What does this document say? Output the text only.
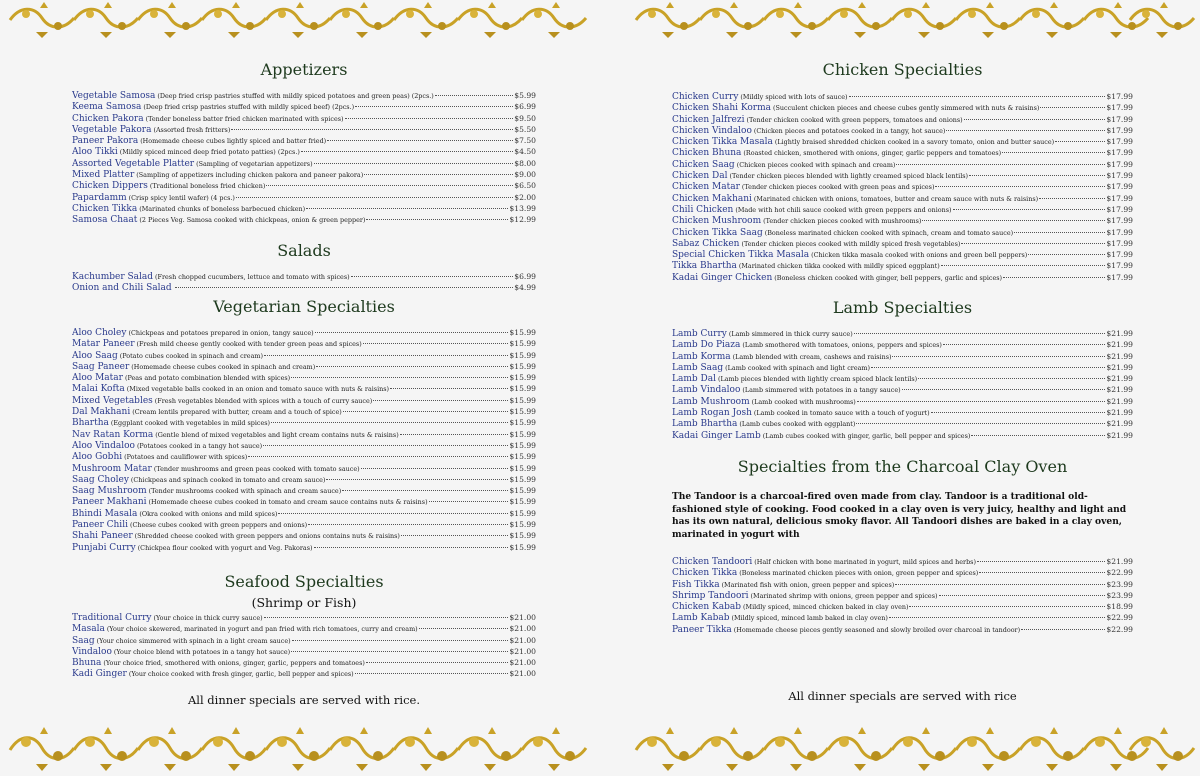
Appetizers
Vegetable Samosa (Deep fried crisp pastries stuffed with mildly spiced potatoes and green peas) (2pcs.)	$5.99
Keema Samosa (Deep fried crisp pastries stuffed with mildly spiced beef) (2pcs.)	$6.99
Chicken Pakora (Tender boneless batter fried chicken marinated with spices)	$9.50
Vegetable Pakora (Assorted fresh fritters)	$5.50
Paneer Pakora (Homemade cheese cubes lightly spiced and batter fried)	$7.50
Aloo Tikki (Mildly spiced minced deep fried potato patties) (2pcs.)	$4.50
Assorted Vegetable Platter (Sampling of vegetarian appetizers)	$8.00
Mixed Platter (Sampling of appetizers including chicken pakora and paneer pakora)	$9.00
Chicken Dippers (Traditional boneless fried chicken)	$6.50
Papardamm (Crisp spicy lentil wafer) (4 pcs.)	$2.00
Chicken Tikka (Marinated chunks of boneless barbecued chicken)	$13.99
Samosa Chaat (2 Pieces Veg. Samosa cooked with chickpeas, onion & green pepper)	$12.99
Salads
Kachumber Salad (Fresh chopped cucumbers, lettuce and tomato with spices)	$6.99
Onion and Chili Salad	$4.99
Vegetarian Specialties
Aloo Choley (Chickpeas and potatoes prepared in onion, tangy sauce)	$15.99
Matar Paneer (Fresh mild cheese gently cooked with tender green peas and spices)	$15.99
Aloo Saag (Potato cubes cooked in spinach and cream)	$15.99
Saag Paneer (Homemade cheese cubes cooked in spinach and cream)	$15.99
Aloo Matar (Peas and potato combination blended with spices)	$15.99
Malai Kofta (Mixed vegetable balls cooked in an onion and tomato sauce with nuts & raisins)	$15.99
Mixed Vegetables (Fresh vegetables blended with spices with a touch of curry sauce)	$15.99
Dal Makhani (Cream lentils prepared with butter, cream and a touch of spice)	$15.99
Bhartha (Eggplant cooked with vegetables in mild spices)	$15.99
Nav Ratan Korma (Gentle blend of mixed vegetables and light cream contains nuts & raisins)	$15.99
Aloo Vindaloo (Potatoes cooked in a tangy hot sauce)	$15.99
Aloo Gobhi (Potatoes and cauliflower with spices)	$15.99
Mushroom Matar (Tender mushrooms and green peas cooked with tomato sauce)	$15.99
Saag Choley (Chickpeas and spinach cooked in tomato and cream sauce)	$15.99
Saag Mushroom (Tender mushrooms cooked with spinach and cream sauce)	$15.99
Paneer Makhani (Homemade cheese cubes cooked in tomato and cream sauce contains nuts & raisins)	$15.99
Bhindi Masala (Okra cooked with onions and mild spices)	$15.99
Paneer Chili (Cheese cubes cooked with green peppers and onions)	$15.99
Shahi Paneer (Shredded cheese cooked with green peppers and onions contains nuts & raisins)	$15.99
Punjabi Curry (Chickpea flour cooked with yogurt and Veg. Pakoras)	$15.99
Seafood Specialties
(Shrimp or Fish)
Traditional Curry (Your choice in thick curry sauce)	$21.00
Masala (Your choice skewered, marinated in yogurt and pan fried with rich tomatoes, curry and cream)	$21.00
Saag (Your choice simmered with spinach in a light cream sauce)	$21.00
Vindaloo (Your choice blend with potatoes in a tangy hot sauce)	$21.00
Bhuna (Your choice fried, smothered with onions, ginger, garlic, peppers and tomatoes)	$21.00
Kadi Ginger (Your choice cooked with fresh ginger, garlic, bell pepper and spices)	$21.00
All dinner specials are served with rice.
Chicken Specialties
Chicken Curry (Mildly spiced with lots of sauce)	$17.99
Chicken Shahi Korma (Succulent chicken pieces and cheese cubes gently simmered with nuts & raisins)	$17.99
Chicken Jalfrezi (Tender chicken cooked with green peppers, tomatoes and onions)	$17.99
Chicken Vindaloo (Chicken pieces and potatoes cooked in a tangy, hot sauce)	$17.99
Chicken Tikka Masala (Lightly braised shredded chicken cooked in a savory tomato, onion and butter sauce)	$17.99
Chicken Bhuna (Roasted chicken, smothered with onions, ginger, garlic peppers and tomatoes)	$17.99
Chicken Saag (Chicken pieces cooked with spinach and cream)	$17.99
Chicken Dal (Tender chicken pieces blended with lightly creamed spiced black lentils)	$17.99
Chicken Matar (Tender chicken pieces cooked with green peas and spices)	$17.99
Chicken Makhani (Marinated chicken with onions, tomatoes, butter and cream sauce with nuts & raisins)	$17.99
Chili Chicken (Made with hot chili sauce cooked with green peppers and onions)	$17.99
Chicken Mushroom (Tender chicken pieces cooked with mushrooms)	$17.99
Chicken Tikka Saag (Boneless marinated chicken cooked with spinach, cream and tomato sauce)	$17.99
Sabaz Chicken (Tender chicken pieces cooked with mildly spiced fresh vegetables)	$17.99
Special Chicken Tikka Masala (Chicken tikka masala cooked with onions and green bell peppers)	$17.99
Tikka Bhartha (Marinated chicken tikka cooked with mildly spiced eggplant)	$17.99
Kadai Ginger Chicken (Boneless chicken cooked with ginger, bell peppers, garlic and spices)	$17.99
Lamb Specialties
Lamb Curry (Lamb simmered in thick curry sauce)	$21.99
Lamb Do Piaza (Lamb smothered with tomatoes, onions, peppers and spices)	$21.99
Lamb Korma (Lamb blended with cream, cashews and raisins)	$21.99
Lamb Saag (Lamb cooked with spinach and light cream)	$21.99
Lamb Dal (Lamb pieces blended with lightly cream spiced black lentils)	$21.99
Lamb Vindaloo (Lamb simmered with potatoes in a tangy sauce)	$21.99
Lamb Mushroom (Lamb cooked with mushrooms)	$21.99
Lamb Rogan Josh (Lamb cooked in tomato sauce with a touch of yogurt)	$21.99
Lamb Bhartha (Lamb cubes cooked with eggplant)	$21.99
Kadai Ginger Lamb (Lamb cubes cooked with ginger, garlic, bell pepper and spices)	$21.99
Specialties from the Charcoal Clay Oven
The Tandoor is a charcoal-fired oven made from clay. Tandoor is a traditional old-fashioned style of cooking. Food cooked in a clay oven is very juicy, healthy and light and has its own natural, delicious smoky flavor. All Tandoori dishes are baked in a clay oven, marinated in yogurt with
Chicken Tandoori (Half chicken with bone marinated in yogurt, mild spices and herbs)	$21.99
Chicken Tikka (Boneless marinated chicken pieces with onion, green pepper and spices)	$22.99
Fish Tikka (Marinated fish with onion, green pepper and spices)	$23.99
Shrimp Tandoori (Marinated shrimp with onions, green pepper and spices)	$23.99
Chicken Kabab (Mildly spiced, minced chicken baked in clay oven)	$18.99
Lamb Kabab (Mildly spiced, minced lamb baked in clay oven)	$22.99
Paneer Tikka (Homemade cheese pieces gently seasoned and slowly broiled over charcoal in tandoor)	$22.99
All dinner specials are served with rice
